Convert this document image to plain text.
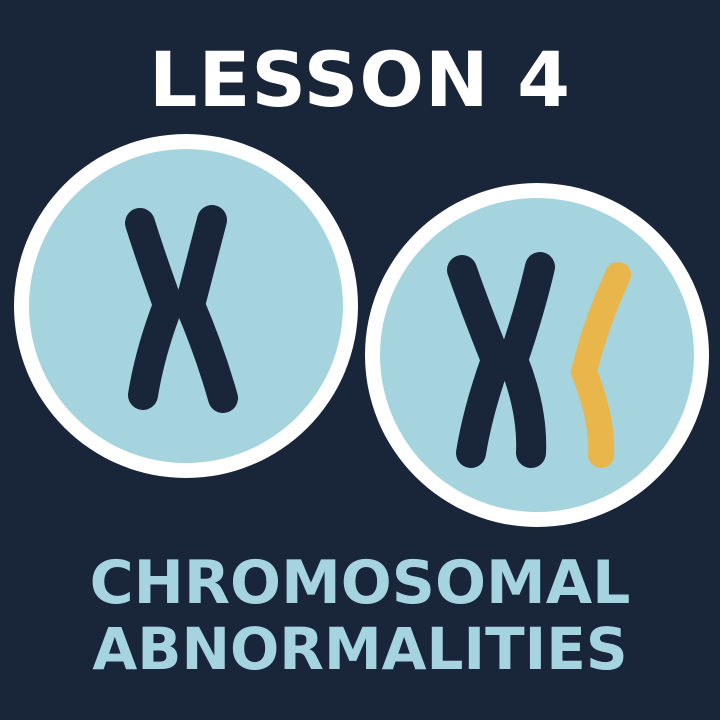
LESSON 4
CHROMOSOMAL
ABNORMALITIES
